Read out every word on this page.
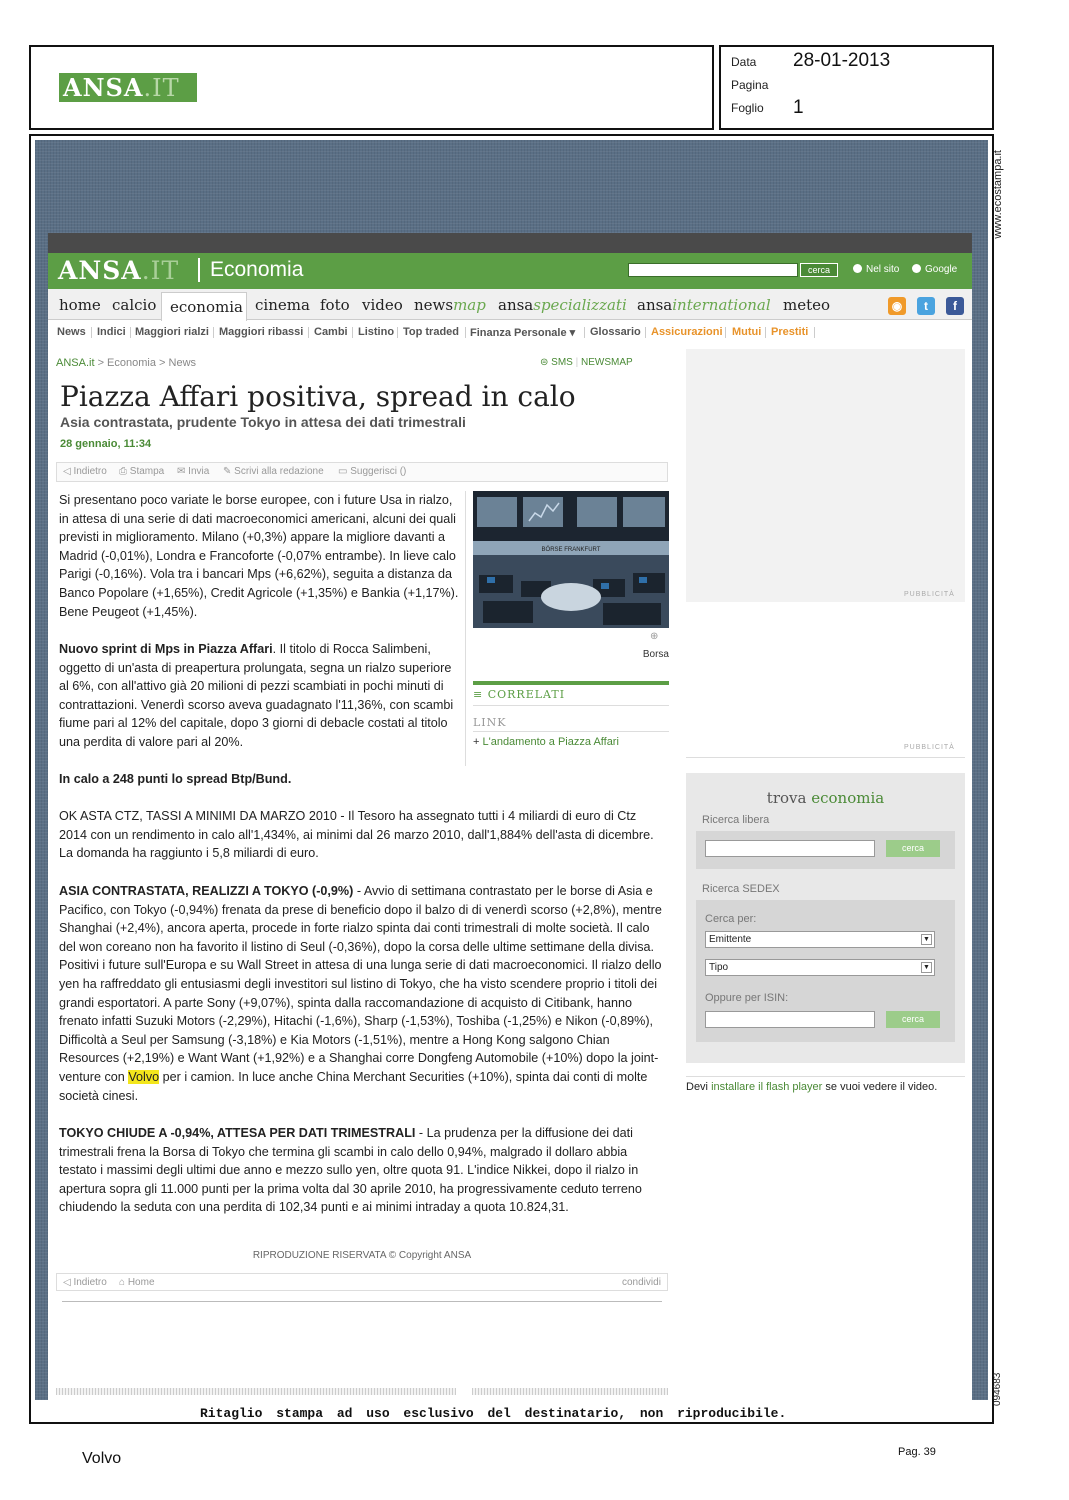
ANSA.IT
Data 28-01-2013
Pagina
Foglio 1
www.ecostampa.it
094683
ANSA.IT	Economia	cerca	Nel sito	Google
home calcio economia cinema foto video newsmap ansaspecializzati ansainternational meteo	◉	t	f
News Indici Maggiori rialzi Maggiori ribassi Cambi Listino Top traded Finanza Personale ▾ Glossario Assicurazioni Mutui Prestiti
ANSA.it > Economia > News	⊜ SMS | NEWSMAP
Piazza Affari positiva, spread in calo
Asia contrastata, prudente Tokyo in attesa dei dati trimestrali
28 gennaio, 11:34
◁ Indietro ⎙ Stampa ✉ Invia ✎ Scrivi alla redazione ▭ Suggerisci ()
Si presentano poco variate le borse europee, con i future Usa in rialzo, in attesa di una serie di dati macroeconomici americani, alcuni dei quali previsti in miglioramento. Milano (+0,3%) appare la migliore davanti a Madrid (-0,01%), Londra e Francoforte (-0,07% entrambe). In lieve calo Parigi (-0,16%). Vola tra i bancari Mps (+6,62%), seguita a distanza da Banco Popolare (+1,65%), Credit Agricole (+1,35%) e Bankia (+1,17%). Bene Peugeot (+1,45%).
Nuovo sprint di Mps in Piazza Affari. Il titolo di Rocca Salimbeni, oggetto di un'asta di preapertura prolungata, segna un rialzo superiore al 6%, con all'attivo già 20 milioni di pezzi scambiati in pochi minuti di contrattazioni. Venerdì scorso aveva guadagnato l'11,36%, con scambi fiume pari al 12% del capitale, dopo 3 giorni di debacle costati al titolo una perdita di valore pari al 20%.
In calo a 248 punti lo spread Btp/Bund.
OK ASTA CTZ, TASSI A MINIMI DA MARZO 2010 - Il Tesoro ha assegnato tutti i 4 miliardi di euro di Ctz 2014 con un rendimento in calo all'1,434%, ai minimi dal 26 marzo 2010, dall'1,884% dell'asta di dicembre. La domanda ha raggiunto i 5,8 miliardi di euro.
ASIA CONTRASTATA, REALIZZI A TOKYO (-0,9%) - Avvio di settimana contrastato per le borse di Asia e Pacifico, con Tokyo (-0,94%) frenata da prese di beneficio dopo il balzo di di venerdì scorso (+2,8%), mentre Shanghai (+2,4%), ancora aperta, procede in forte rialzo spinta dai conti trimestrali di molte società. Il calo del won coreano non ha favorito il listino di Seul (-0,36%), dopo la corsa delle ultime settimane della divisa. Positivi i future sull'Europa e su Wall Street in attesa di una lunga serie di dati macroeconomici. Il rialzo dello yen ha raffreddato gli entusiasmi degli investitori sul listino di Tokyo, che ha visto scendere proprio i titoli dei grandi esportatori. A parte Sony (+9,07%), spinta dalla raccomandazione di acquisto di Citibank, hanno frenato infatti Suzuki Motors (-2,29%), Hitachi (-1,6%), Sharp (-1,53%), Toshiba (-1,25%) e Nikon (-0,89%), Difficoltà a Seul per Samsung (-3,18%) e Kia Motors (-1,51%), mentre a Hong Kong salgono Chian Resources (+2,19%) e Want Want (+1,92%) e a Shanghai corre Dongfeng Automobile (+10%) dopo la joint-venture con Volvo per i camion. In luce anche China Merchant Securities (+10%), spinta dai conti di molte società cinesi.
TOKYO CHIUDE A -0,94%, ATTESA PER DATI TRIMESTRALI - La prudenza per la diffusione dei dati trimestrali frena la Borsa di Tokyo che termina gli scambi in calo dello 0,94%, malgrado il dollaro abbia testato i massimi degli ultimi due anno e mezzo sullo yen, oltre quota 91. L'indice Nikkei, dopo il rialzo in apertura sopra gli 11.000 punti per la prima volta dal 30 aprile 2010, ha progressivamente ceduto terreno chiudendo la seduta con una perdita di 102,34 punti e ai minimi intraday a quota 10.824,31.
BÖRSE FRANKFURT
⊕
Borsa
≡ CORRELATI
LINK
+ L'andamento a Piazza Affari
PUBBLICITÀ
PUBBLICITÀ
trova economia
Ricerca libera
cerca
Ricerca SEDEX
Cerca per:
Emittente	▼
Tipo	▼
Oppure per ISIN:
cerca
Devi installare il flash player se vuoi vedere il video.
RIPRODUZIONE RISERVATA © Copyright ANSA
◁ Indietro ⌂ Home	condividi
Ritaglio stampa ad uso esclusivo del destinatario, non riproducibile.
Volvo	Pag. 39
